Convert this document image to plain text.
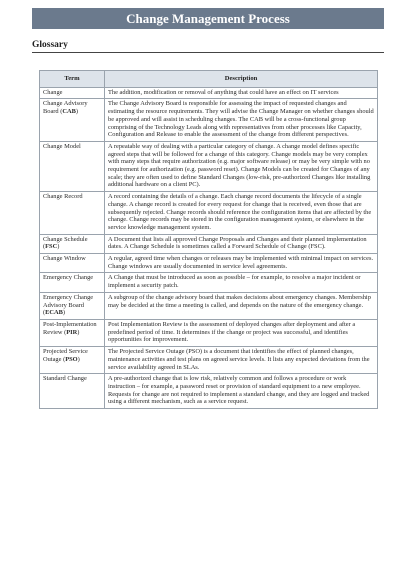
Change Management Process
Glossary
Term	Description
Change	The addition, modification or removal of anything that could have an effect on IT services
Change Advisory Board (CAB)	The Change Advisory Board is responsible for assessing the impact of requested changes and estimating the resource requirements. They will advise the Change Manager on whether changes should be approved and will assist in scheduling changes. The CAB will be a cross-functional group comprising of the Technology Leads along with representatives from other processes like Capacity, Configuration and Release to enable the assessment of the change from different perspectives.
Change Model	A repeatable way of dealing with a particular category of change. A change model defines specific agreed steps that will be followed for a change of this category. Change models may be very complex with many steps that require authorization (e.g. major software release) or may be very simple with no requirement for authorization (e.g. password reset). Change Models can be created for Changes of any scale; they are often used to define Standard Changes (low-risk, pre-authorized Changes like installing additional hardware on a client PC).
Change Record	A record containing the details of a change. Each change record documents the lifecycle of a single change. A change record is created for every request for change that is received, even those that are subsequently rejected. Change records should reference the configuration items that are affected by the change. Change records may be stored in the configuration management system, or elsewhere in the service knowledge management system.
Change Schedule (FSC)	A Document that lists all approved Change Proposals and Changes and their planned implementation dates. A Change Schedule is sometimes called a Forward Schedule of Change (FSC).
Change Window	A regular, agreed time when changes or releases may be implemented with minimal impact on services. Change windows are usually documented in service level agreements.
Emergency Change	A Change that must be introduced as soon as possible – for example, to resolve a major incident or implement a security patch.
Emergency Change Advisory Board (ECAB)	A subgroup of the change advisory board that makes decisions about emergency changes. Membership may be decided at the time a meeting is called, and depends on the nature of the emergency change.
Post-Implementation Review (PIR)	Post Implementation Review is the assessment of deployed changes after deployment and after a predefined period of time. It determines if the change or project was successful, and identifies opportunities for improvement.
Projected Service Outage (PSO)	The Projected Service Outage (PSO) is a document that identifies the effect of planned changes, maintenance activities and test plans on agreed service levels. It lists any expected deviations from the service availability agreed in SLAs.
Standard Change	A pre-authorized change that is low risk, relatively common and follows a procedure or work instruction – for example, a password reset or provision of standard equipment to a new employee. Requests for change are not required to implement a standard change, and they are logged and tracked using a different mechanism, such as a service request.
